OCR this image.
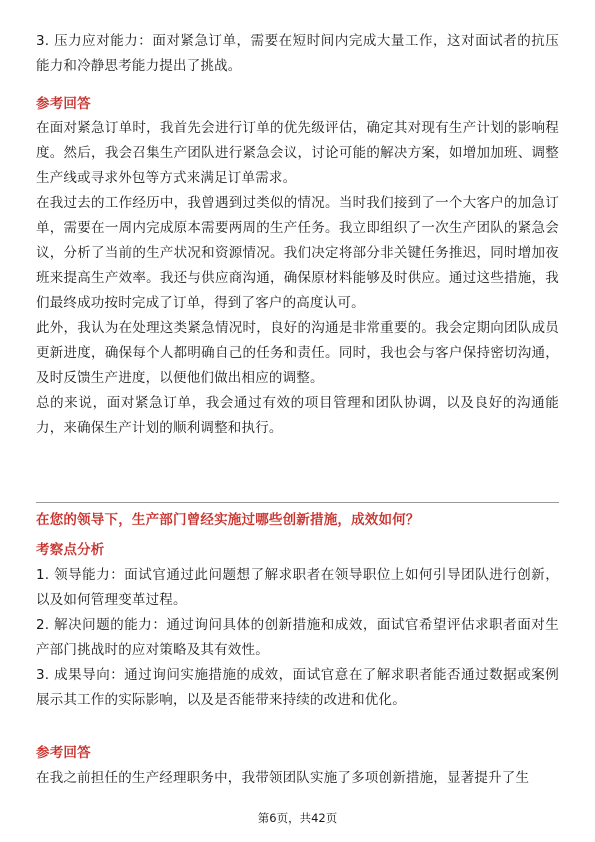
3. 压力应对能力：面对紧急订单，需要在短时间内完成大量工作，这对面试者的抗压能力和冷静思考能力提出了挑战。

参考回答

在面对紧急订单时，我首先会进行订单的优先级评估，确定其对现有生产计划的影响程度。然后，我会召集生产团队进行紧急会议，讨论可能的解决方案，如增加加班、调整生产线或寻求外包等方式来满足订单需求。

在我过去的工作经历中，我曾遇到过类似的情况。当时我们接到了一个大客户的加急订单，需要在一周内完成原本需要两周的生产任务。我立即组织了一次生产团队的紧急会议，分析了当前的生产状况和资源情况。我们决定将部分非关键任务推迟，同时增加夜班来提高生产效率。我还与供应商沟通，确保原材料能够及时供应。通过这些措施，我们最终成功按时完成了订单，得到了客户的高度认可。

此外，我认为在处理这类紧急情况时，良好的沟通是非常重要的。我会定期向团队成员更新进度，确保每个人都明确自己的任务和责任。同时，我也会与客户保持密切沟通，及时反馈生产进度，以便他们做出相应的调整。

总的来说，面对紧急订单，我会通过有效的项目管理和团队协调，以及良好的沟通能力，来确保生产计划的顺利调整和执行。

在您的领导下，生产部门曾经实施过哪些创新措施，成效如何？

考察点分析

1. 领导能力：面试官通过此问题想了解求职者在领导职位上如何引导团队进行创新，以及如何管理变革过程。

2. 解决问题的能力：通过询问具体的创新措施和成效，面试官希望评估求职者面对生产部门挑战时的应对策略及其有效性。

3. 成果导向：通过询问实施措施的成效，面试官意在了解求职者能否通过数据或案例展示其工作的实际影响，以及是否能带来持续的改进和优化。

参考回答

在我之前担任的生产经理职务中，我带领团队实施了多项创新措施，显著提升了生

第6页，共42页
